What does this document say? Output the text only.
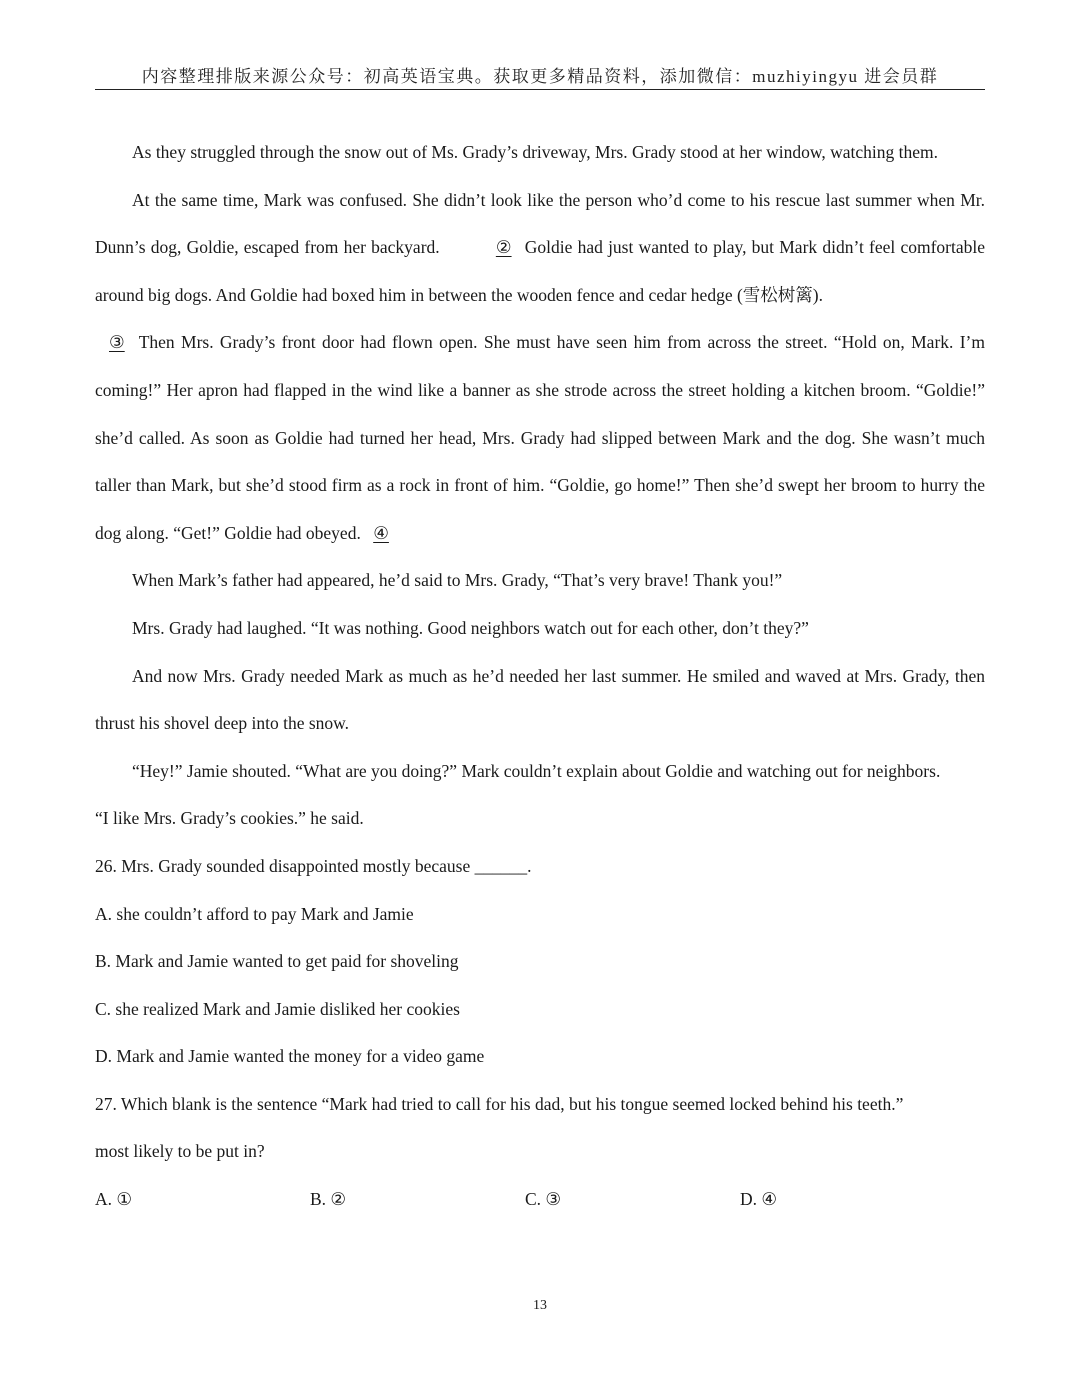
内容整理排版来源公众号：初高英语宝典。获取更多精品资料，添加微信：muzhiyingyu 进会员群

As they struggled through the snow out of Ms. Grady’s driveway, Mrs. Grady stood at her window, watching them.

At the same time, Mark was confused. She didn’t look like the person who’d come to his rescue last summer when Mr. Dunn’s dog, Goldie, escaped from her backyard.	② Goldie had just wanted to play, but Mark didn’t feel comfortable around big dogs. And Goldie had boxed him in between the wooden fence and cedar hedge (雪松树篱).

③ Then Mrs. Grady’s front door had flown open. She must have seen him from across the street. “Hold on, Mark. I’m coming!” Her apron had flapped in the wind like a banner as she strode across the street holding a kitchen broom. “Goldie!” she’d called. As soon as Goldie had turned her head, Mrs. Grady had slipped between Mark and the dog. She wasn’t much taller than Mark, but she’d stood firm as a rock in front of him. “Goldie, go home!” Then she’d swept her broom to hurry the dog along. “Get!” Goldie had obeyed. ④

When Mark’s father had appeared, he’d said to Mrs. Grady, “That’s very brave! Thank you!”

Mrs. Grady had laughed. “It was nothing. Good neighbors watch out for each other, don’t they?”

And now Mrs. Grady needed Mark as much as he’d needed her last summer. He smiled and waved at Mrs. Grady, then thrust his shovel deep into the snow.

“Hey!” Jamie shouted. “What are you doing?” Mark couldn’t explain about Goldie and watching out for neighbors.

“I like Mrs. Grady’s cookies.” he said.

26. Mrs. Grady sounded disappointed mostly because ______.

A. she couldn’t afford to pay Mark and Jamie

B. Mark and Jamie wanted to get paid for shoveling

C. she realized Mark and Jamie disliked her cookies

D. Mark and Jamie wanted the money for a video game

27. Which blank is the sentence “Mark had tried to call for his dad, but his tongue seemed locked behind his teeth.”

most likely to be put in?

A. ①	B. ②	C. ③	D. ④
13
